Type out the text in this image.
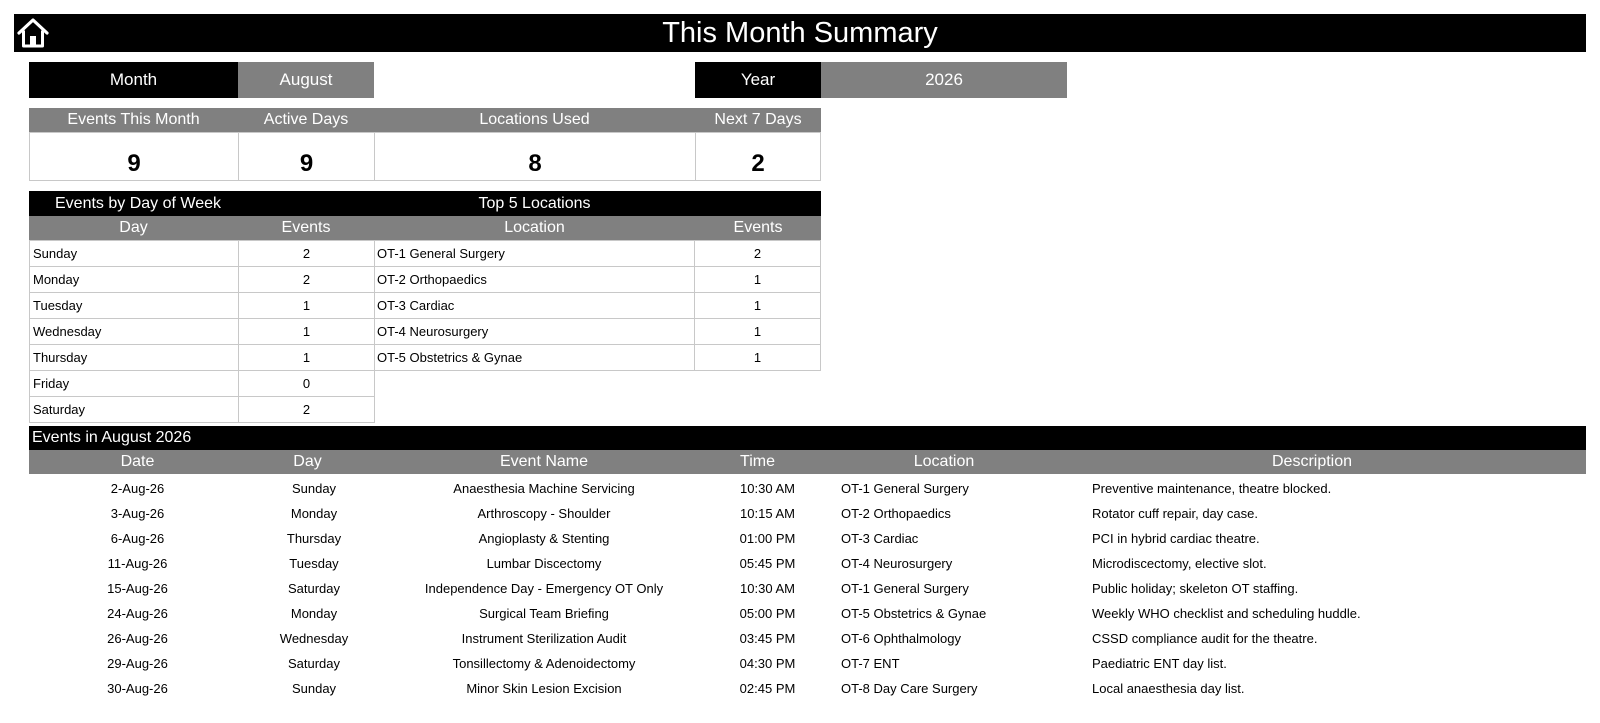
This Month Summary
Month	August	Year	2026
Events This Month	Active Days	Locations Used	Next 7 Days
9	9	8	2
Events by Day of Week	Top 5 Locations
Day	Events	Location	Events
Sunday	2
Monday	2
Tuesday	1
Wednesday	1
Thursday	1
Friday	0
Saturday	2
OT-1 General Surgery	2
OT-2 Orthopaedics	1
OT-3 Cardiac	1
OT-4 Neurosurgery	1
OT-5 Obstetrics & Gynae	1
Events in August 2026
Date	Day	Event Name	Time	Location	Description
2-Aug-26	Sunday	Anaesthesia Machine Servicing	10:30 AM	OT-1 General Surgery	Preventive maintenance, theatre blocked.
3-Aug-26	Monday	Arthroscopy - Shoulder	10:15 AM	OT-2 Orthopaedics	Rotator cuff repair, day case.
6-Aug-26	Thursday	Angioplasty & Stenting	01:00 PM	OT-3 Cardiac	PCI in hybrid cardiac theatre.
11-Aug-26	Tuesday	Lumbar Discectomy	05:45 PM	OT-4 Neurosurgery	Microdiscectomy, elective slot.
15-Aug-26	Saturday	Independence Day - Emergency OT Only	10:30 AM	OT-1 General Surgery	Public holiday; skeleton OT staffing.
24-Aug-26	Monday	Surgical Team Briefing	05:00 PM	OT-5 Obstetrics & Gynae	Weekly WHO checklist and scheduling huddle.
26-Aug-26	Wednesday	Instrument Sterilization Audit	03:45 PM	OT-6 Ophthalmology	CSSD compliance audit for the theatre.
29-Aug-26	Saturday	Tonsillectomy & Adenoidectomy	04:30 PM	OT-7 ENT	Paediatric ENT day list.
30-Aug-26	Sunday	Minor Skin Lesion Excision	02:45 PM	OT-8 Day Care Surgery	Local anaesthesia day list.
